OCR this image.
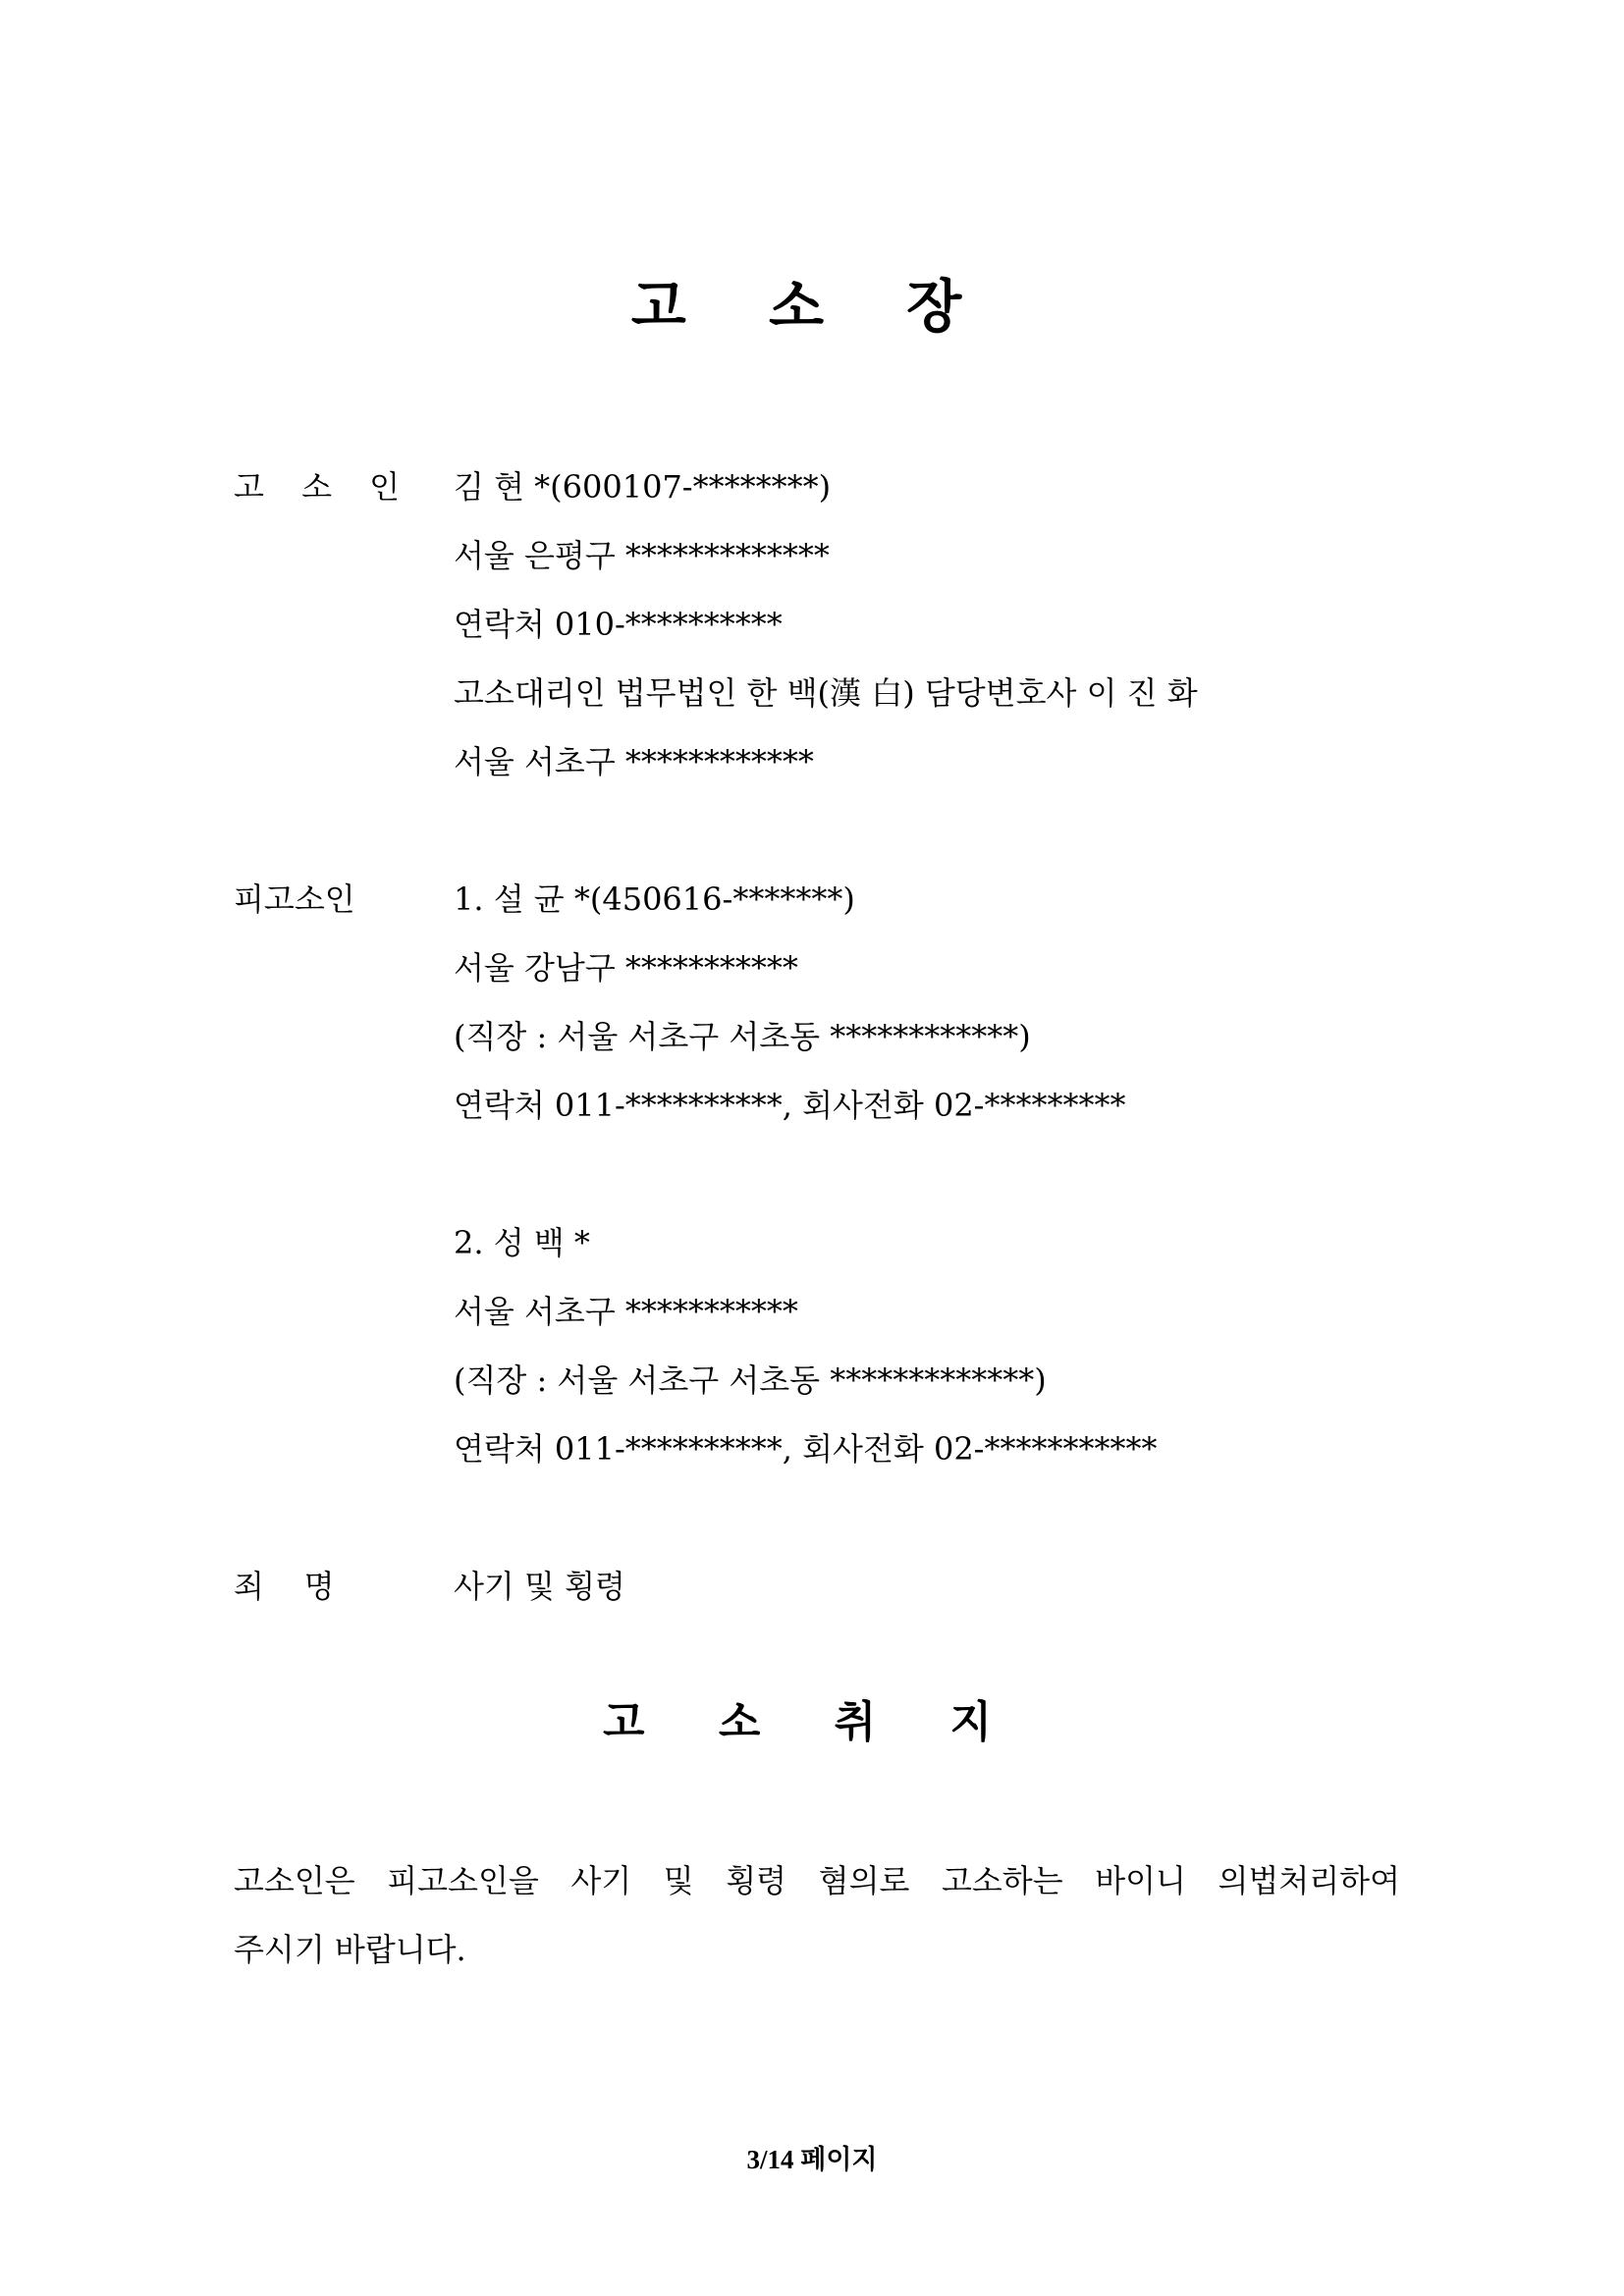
고 소 장
고 소 인 김 현 *(600107-********)
서울 은평구 *************
연락처 010-**********
고소대리인 법무법인 한 백(漢 白) 담당변호사 이 진 화
서울 서초구 ************
피고소인	1. 설 균 *(450616-*******)
서울 강남구 ***********
(직장 : 서울 서초구 서초동 ************)
연락처 011-**********, 회사전화 02-*********
2. 성 백 *
서울 서초구 ***********
(직장 : 서울 서초구 서초동 *************)
연락처 011-**********, 회사전화 02-***********
죄    명	사기 및 횡령
고 소 취 지
고소인은 피고소인을 사기 및 횡령 혐의로 고소하는 바이니 의법처리하여
주시기 바랍니다.
3/14 페이지
